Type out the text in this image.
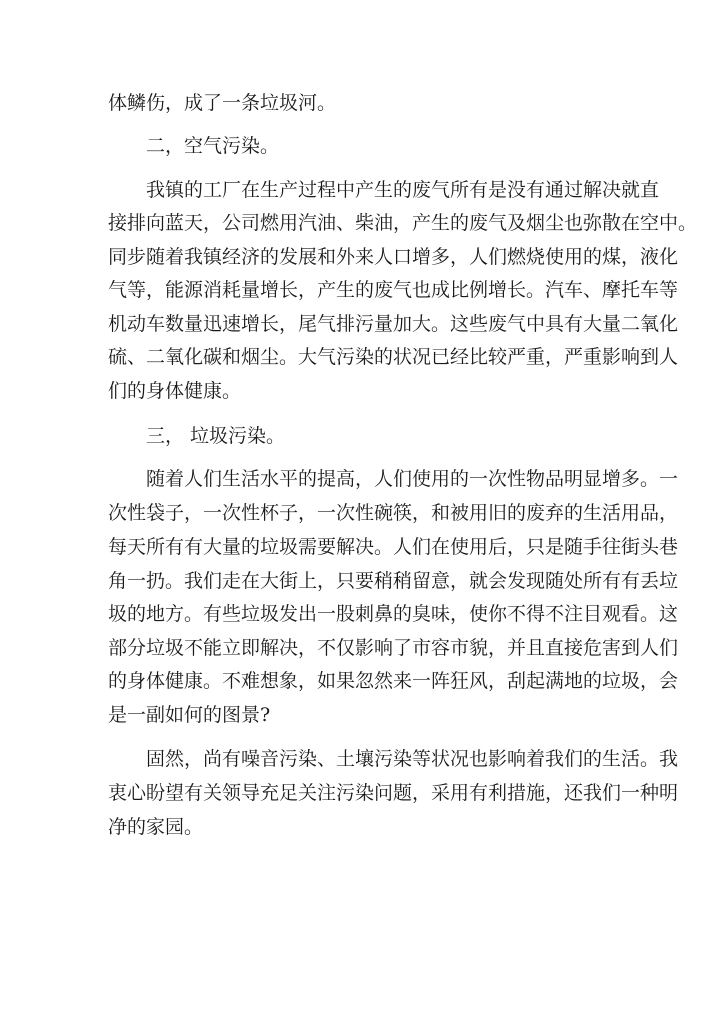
体鳞伤，成了一条垃圾河。
二，空气污染。
我镇的工厂在生产过程中产生的废气所有是没有通过解决就直
接排向蓝天，公司燃用汽油、柴油，产生的废气及烟尘也弥散在空中。
同步随着我镇经济的发展和外来人口增多，人们燃烧使用的煤，液化
气等，能源消耗量增长，产生的废气也成比例增长。汽车、摩托车等
机动车数量迅速增长，尾气排污量加大。这些废气中具有大量二氧化
硫、二氧化碳和烟尘。大气污染的状况已经比较严重，严重影响到人
们的身体健康。
三， 垃圾污染。
随着人们生活水平的提高，人们使用的一次性物品明显增多。一
次性袋子，一次性杯子，一次性碗筷，和被用旧的废弃的生活用品，
每天所有有大量的垃圾需要解决。人们在使用后，只是随手往街头巷
角一扔。我们走在大街上，只要稍稍留意，就会发现随处所有有丢垃
圾的地方。有些垃圾发出一股刺鼻的臭味，使你不得不注目观看。这
部分垃圾不能立即解决，不仅影响了市容市貌，并且直接危害到人们
的身体健康。不难想象，如果忽然来一阵狂风，刮起满地的垃圾，会
是一副如何的图景?
固然，尚有噪音污染、土壤污染等状况也影响着我们的生活。我
衷心盼望有关领导充足关注污染问题，采用有利措施，还我们一种明
净的家园。
